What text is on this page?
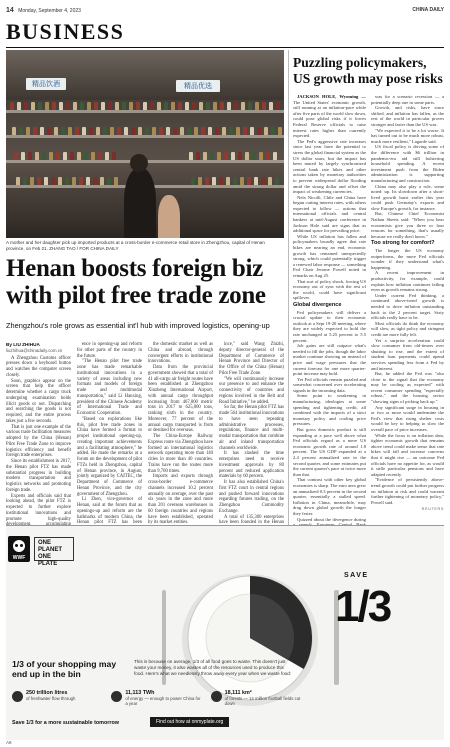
14 Monday, September 4, 2023	CHINA DAILY
BUSINESS
精品饮酒	精品优选
A mother and her daughter pick up imported products at a cross-border e-commerce retail store in Zhengzhou, capital of Henan province, on Feb 21. ZHANG TAO / FOR CHINA DAILY
Henan boosts foreign biz with pilot free trade zone
Zhengzhou's role grows as essential int'l hub with improved logistics, opening-up
By LIU ZHIHUA
liuzhihua@chinadaily.com.cn

A Zhengzhou Customs officer presses down a keyboard button and watches the computer screen closely.

Soon, graphics appear on the screen that help the officer determine whether a cargo truck undergoing examination holds illicit goods or not. Dispatching and searching the goods is not required, and the entire process takes just a few seconds.

That is just one example of the various trade facilitation measures adopted by the China (Henan) Pilot Free Trade Zone to improve logistics efficiency and benefit foreign trade enterprises.

Since its establishment in 2017, the Henan pilot FTZ has made substantial progress in building modern transportation and logistics networks and promoting foreign trade.

Experts and officials said that looking ahead, the pilot FTZ is expected to further explore institutional innovations and promote high-quality

ence in opening-up and reform for other parts of the country in the future.

"The Henan pilot free trade zone has made remarkable institutional innovations in a variety of areas including new formats and models of foreign trade and multimodal transportation," said Li Hanxing, president of the Chinese Academy of International Trade and Economic Cooperation.

"Based on explorations like this, pilot free trade zones in China have formed a format to propel institutional opening-up, creating important achievements and a facilitating atmosphere," he added. He made the remarks at a forum on the development of pilot FTZs held in Zhengzhou, capital of Henan province, in August, jointly organized by CAITEC, the Department of Commerce of Henan Province, and the city government of Zhengzhou.

Li Zhen, vice-governor of Henan, said at the forum that as openings-up and reform are the hallmarks of modern China, the Henan pilot FTZ has been

the domestic market as well as China and abroad, through convergent efforts in institutional innovations.

Data from the provincial government showed that a total of 41 all-cargo air freight routes have been established at Zhengzhou Xinzheng International Airport, with annual cargo throughput increasing from 467,000 metric tons in 2017 to 625,000 tons, ranking sixth in the country. Moreover, 77 percent of the annual cargo transported is from or destined for overseas.

The China-Europe Railway Express route via Zhengzhou have formed an international logistics network operating more than 140 cities in more than 40 countries. Trains have run the routes more than 9,700 times.

Imports and exports through cross-border e-commerce channels increased 10.2 percent annually on average, over the past six years in the zone and more than 201 overseas warehouses in 60 foreign countries and regions have been established, operated by its market entities.

ince," said Wang Zhizhi, deputy director-general of the Department of Commerce of Henan Province and Director of the Office of the China (Henan) Pilot Free Trade Zone.

"We will continuously increase our presence to and enhance the connectivity of countries and regions involved in the Belt and Road Initiative," he added.

So far, the Henan pilot FTZ has made 564 institutional innovations to have seen repeating administrative processes, regulations, finance and multi-modal transportation that combine air and inland transportation channels worldwide.

It has slashed the time enterprises need to receive investment approvals by 80 percent and reduced application materials by 60 percent.

It has also established China's first FTZ court in central regions and pushed forward innovations regarding futures trading, on the Zhengzhou Commodity Exchange.

A total of 135,300 enterprises have been founded in the Henan

Puzzling policymakers, US growth may pose risks

JACKSON HOLE, Wyoming — The United States' economic growth, still running at an inflation-pace while after five parts of the world slow down, could pose global risks if it forces Federal Reserve officials to raise interest rates higher than currently expected.

The Fed's aggressive rate increases since last year have the potential to stress the global financial system as the US dollar soars, but the impact has been muted by largely synchronized central bank rate hikes and other actions taken by monetary authorities to prevent widespread dollar flooding amid the strong dollar and offset the impact of weakening currencies.

Nela Nicolli, Chile and China have begun cutting interest rates, with others expected to follow — actions that international officials and central bankers at mid-August conference in Jackson Hole said are signs that as additional space for prevailing price.

While US inflation has fallen and policymakers broadly agree that rate hikes are nearing an end, economic growth has remained unexpectedly strong, which could potentially trigger a renewed labor response — something Fed Chair Jerome Powell noted in remarks on Aug 25.

That sort of policy shock, forcing US economy out of sync with the rest of the world, could have significant spillover.

Global divergence

Fed policymakers will deliver a crucial update to their economic outlook at a Sept 19-20 meeting, where they are widely expected to hold the rate unchanged at 5.25 percent to 5.5 percent.

Job gains are still outpace what's needed to fill the jobs, though the labor market continue showing an instead of price and wage pressures that the current forecast for one more quarter-point increase may hold.

Yet Fed officials remain puzzled and somewhat concerned over accelerating signals in the incoming data.

Some point to weakening in manufacturing, ideologies at some spending and tightening credit, all combined with the impacts of a strict monetary policy and cooling price pressures.

But gross domestic product is still expanding at a pace well above what Fed officials regard as a mere US economic growth rate of around 1.8 percent. The US GDP expanded at a 2.4 percent annualized rate in the second quarter, and some estimates put the current quarter's pace at twice more than that.

That contrast with other key global economies is sharp. The euro area grew an annualized 0.3 percent in the second quarter, essentially a stalled speed. Inflation in China, meanwhile, may drag down global growth the longer they fester.

Quizzed about the divergence during

was for a scenario recession — a potentially deep one in some parts.

Growth, and risks, have since shifted, and inflation has fallen, as the rest of the world in particular proves stronger and faster than the US was.

"We expected it to be a lot worse. It has turned out to be much more robust, much more resilient," Lagarde said.

US fiscal policy is driving some of the difference with $6 trillion in pandemic-era aid still bolstering household spending. A recent investment push from the Biden administration is supporting manufacturing and construction.

China may also play a role, some noted: up. Its slowdown after a short-lived growth burst earlier this year could push Germany's exports and slow Europe's growth, for instance.

But, Chinese Chief Economist Nathan Sheets said: "When you hear economists give you three or four reasons for something, that's usually because we really don't know."

Too strong for comfort?

The longer the US economy outperforms, the more Fed officials wonder if they understand what's happening.

A recent improvement in productivity, for example, could explain how inflation continues falling even as growth remains strong.

Under current Fed thinking, a continued above-trend growth is needed to drive inflation outstanding back to the 2 percent target. Sixty officials really have to be.

Most officials do think the economy will slow, as tight policy and stringent credit are more fully felt.

Yet a surprise acceleration could slow consumer from old-timers over shutting to rise, and the extent of student loan payments could upend services spending less from a Fed by and interest.

But, he added the Fed was "also close to the signal that the economy may be cooling as expected" with recent consumer spending "especially robust," and the housing sector "showing signs of picking back up."

Any significant surge in housing in or two or more would undermine the Fed's view that rising shelter costs would be key to helping to slow the overall pace of price increases.

While the focus is on inflation data, tighter economic growth that remains above trend could make sense that rate hikes will fall and increase concerns that it might rise — an outcome Fed officials have no appetite for, as would it stifle particular pensions and have adapted recently.

"Evidence of persistently above-trend growth could put further progress on inflation at risk and could warrant further tightening of monetary policy," Powell said.

REUTERS
WWF
ONE PLANET
ONE PLATE
SAVE
1/3
1/3 of your shopping may end up in the bin
This is because on average, 1/3 of all food goes to waste. This doesn't just waste your money, it also wastes all of the resources used to produce this food. Here's what we needlessly throw away every year when we waste food:
250 trillion litres
of freshwater flow through
11,113 TWh
of energy — enough to power China for a year
18,111 km²
of forests — 14 million football fields cut down
Save 1/3 for a more sustainable tomorrow	Find out how at onmyplate.org
A8
